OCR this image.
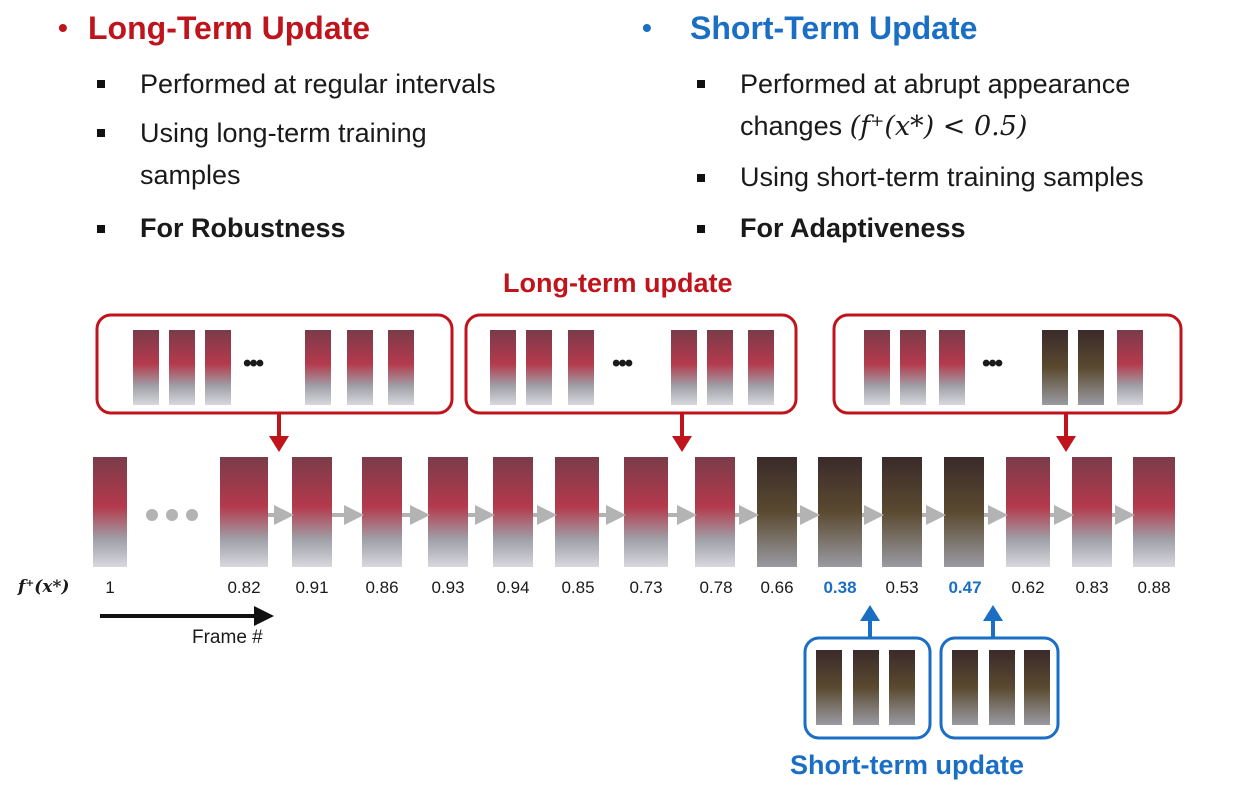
• Long-Term Update
Performed at regular intervals
Using long-term training samples
For Robustness
• Short-Term Update
Performed at abrupt appearance changes (f⁺(x*) < 0.5)
Using short-term training samples
For Adaptiveness
Long-term update
Short-term update
•••	•••	•••
f⁺(x*)	1	0.82	0.91	0.86	0.93	0.94	0.85	0.73	0.78	0.66	0.38	0.53	0.47	0.62	0.83	0.88
Frame #
